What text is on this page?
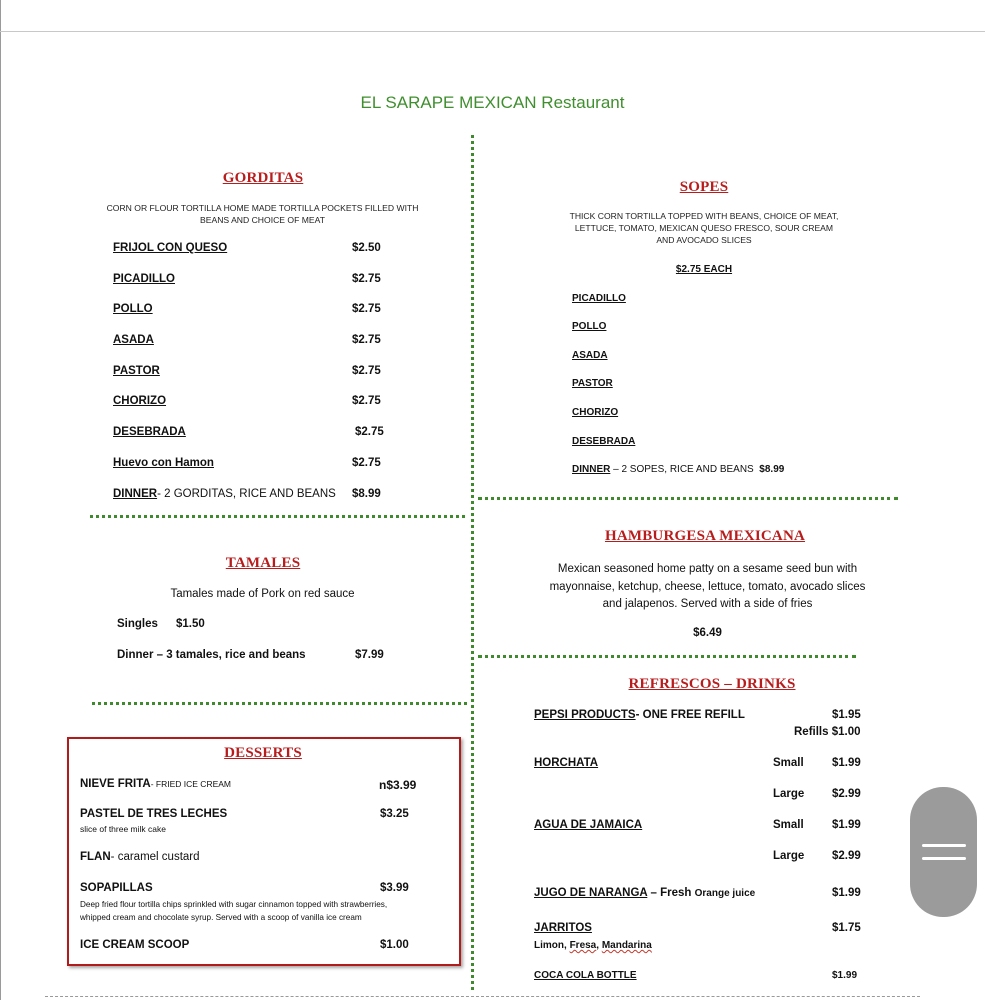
EL SARAPE MEXICAN Restaurant
GORDITAS
CORN OR FLOUR TORTILLA HOME MADE TORTILLA POCKETS FILLED WITH
BEANS AND CHOICE OF MEAT
FRIJOL CON QUESO	$2.50
PICADILLO	$2.75
POLLO	$2.75
ASADA	$2.75
PASTOR	$2.75
CHORIZO	$2.75
DESEBRADA	$2.75
Huevo con Hamon	$2.75
DINNER- 2 GORDITAS, RICE AND BEANS $8.99
SOPES
THICK CORN TORTILLA TOPPED WITH BEANS, CHOICE OF MEAT,
LETTUCE, TOMATO, MEXICAN QUESO FRESCO, SOUR CREAM
AND AVOCADO SLICES
$2.75 EACH
PICADILLO
POLLO
ASADA
PASTOR
CHORIZO
DESEBRADA
DINNER – 2 SOPES, RICE AND BEANS $8.99
TAMALES
Tamales made of Pork on red sauce
Singles $1.50
Dinner – 3 tamales, rice and beans	$7.99
HAMBURGESA MEXICANA
Mexican seasoned home patty on a sesame seed bun with
mayonnaise, ketchup, cheese, lettuce, tomato, avocado slices
and jalapenos. Served with a side of fries
$6.49
REFRESCOS – DRINKS
PEPSI PRODUCTS- ONE FREE REFILL	$1.95
Refills $1.00
HORCHATA	Small $1.99
Large $2.99
AGUA DE JAMAICA	Small $1.99
Large $2.99
JUGO DE NARANGA – Fresh Orange juice	$1.99
JARRITOS
Limon, Fresa, Mandarina
$1.75
COCA COLA BOTTLE	$1.99
DESSERTS
NIEVE FRITA- FRIED ICE CREAM	n$3.99
PASTEL DE TRES LECHES
slice of three milk cake
$3.25
FLAN- caramel custard
SOPAPILLAS	$3.99
Deep fried flour tortilla chips sprinkled with sugar cinnamon topped with strawberries,
whipped cream and chocolate syrup. Served with a scoop of vanilla ice cream
ICE CREAM SCOOP	$1.00
